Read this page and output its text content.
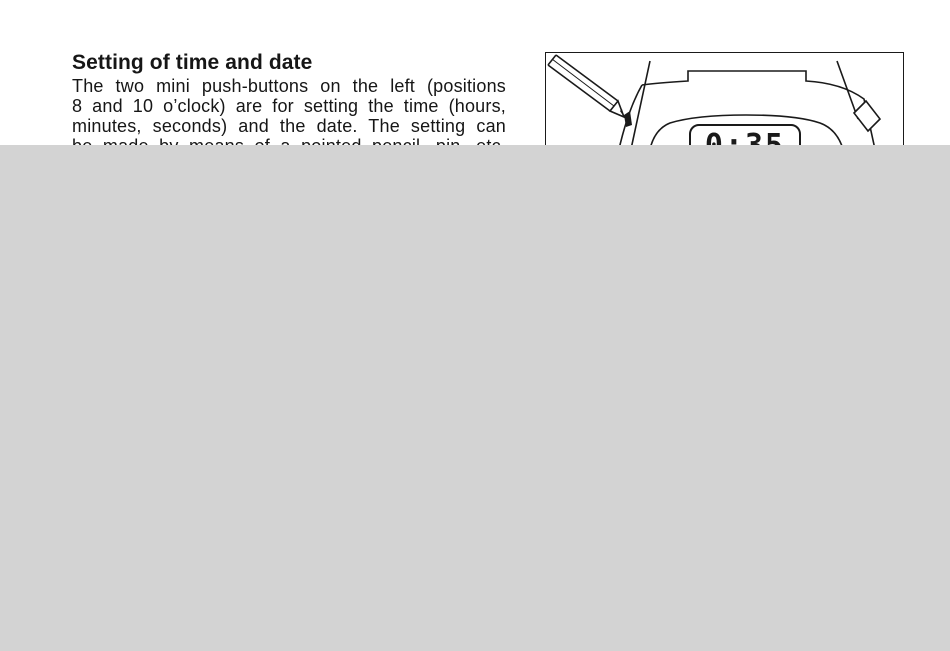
Setting of time and date

The two mini push-buttons on the left (positions
8 and 10 o’clock) are for setting the time (hours,
minutes, seconds) and the date. The setting can
